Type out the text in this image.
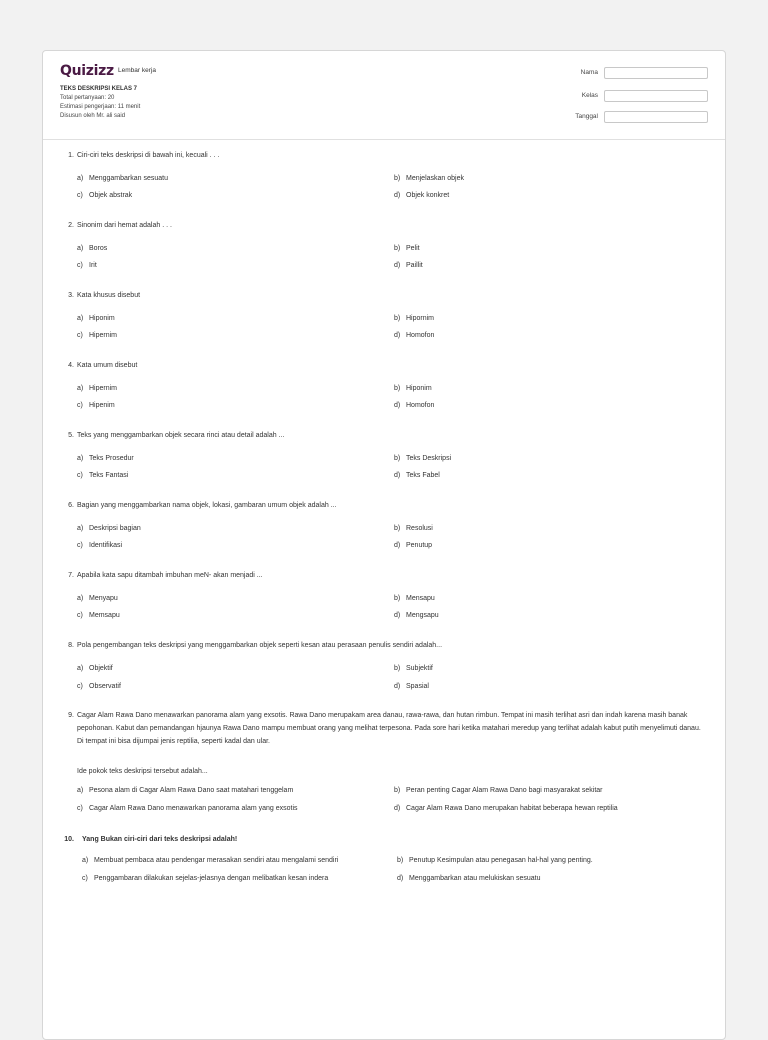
Quizizz Lembar kerja
TEKS DESKRIPSI KELAS 7
Total pertanyaan: 20
Estimasi pengerjaan: 11 menit
Disusun oleh Mr. ali said
Nama
Kelas
Tanggal
1. Ciri-ciri teks deskripsi di bawah ini, kecuali . . .
a) Menggambarkan sesuatu	b) Menjelaskan objek
c) Objek abstrak	d) Objek konkret
2. Sinonim dari hemat adalah . . .
a) Boros	b) Pelit
c) Irit	d) Paillit
3. Kata khusus disebut
a) Hiponim	b) Hipornim
c) Hipernim	d) Homofon
4. Kata umum disebut
a) Hipernim	b) Hiponim
c) Hipenim	d) Homofon
5. Teks yang menggambarkan objek secara rinci atau detail adalah ...
a) Teks Prosedur	b) Teks Deskripsi
c) Teks Fantasi	d) Teks Fabel
6. Bagian yang menggambarkan nama objek, lokasi, gambaran umum objek adalah ...
a) Deskripsi bagian	b) Resolusi
c) Identifikasi	d) Penutup
7. Apabila kata sapu ditambah imbuhan meN- akan menjadi ...
a) Menyapu	b) Mensapu
c) Memsapu	d) Mengsapu
8. Pola pengembangan teks deskripsi yang menggambarkan objek seperti kesan atau perasaan penulis sendiri adalah...
a) Objektif	b) Subjektif
c) Observatif	d) Spasial
9. Cagar Alam Rawa Dano menawarkan panorama alam yang exsotis. Rawa Dano merupakam area danau, rawa-rawa, dan hutan rimbun. Tempat ini masih terlihat asri dan indah karena masih banak pepohonan. Kabut dan pemandangan hjaunya Rawa Dano mampu membuat orang yang melihat terpesona. Pada sore hari ketika matahari meredup yang terlihat adalah kabut putih menyelimuti danau. Di tempat ini bisa dijumpai jenis reptilia, seperti kadal dan ular.
Ide pokok teks deskripsi tersebut adalah...
a) Pesona alam di Cagar Alam Rawa Dano saat matahari tenggelam	b) Peran penting Cagar Alam Rawa Dano bagi masyarakat sekitar
c) Cagar Alam Rawa Dano menawarkan panorama alam yang exsotis	d) Cagar Alam Rawa Dano merupakan habitat beberapa hewan reptilia
10. Yang Bukan ciri-ciri dari teks deskripsi adalah!
a) Membuat pembaca atau pendengar merasakan sendiri atau mengalami sendiri	b) Penutup Kesimpulan atau penegasan hal-hal yang penting.
c) Penggambaran dilakukan sejelas-jelasnya dengan melibatkan kesan indera	d) Menggambarkan atau melukiskan sesuatu
